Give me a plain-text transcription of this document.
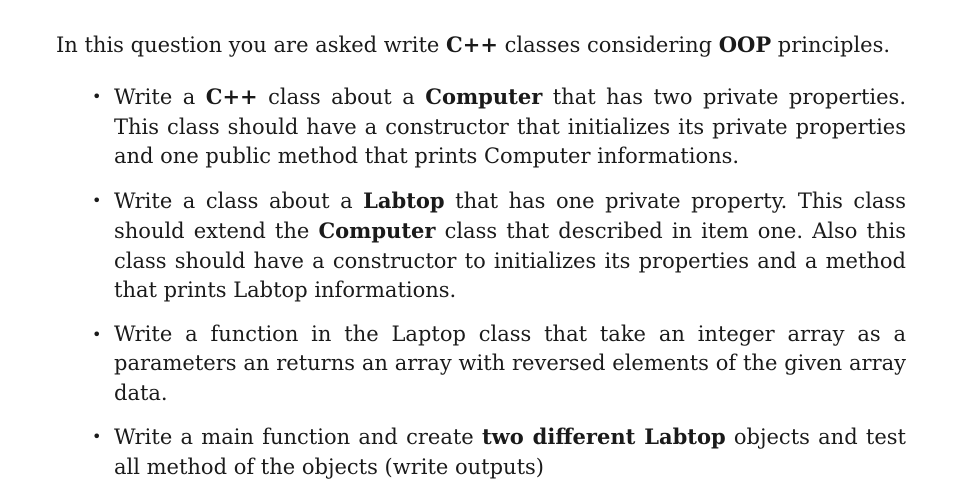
In this question you are asked write C++ classes considering OOP principles.

• Write a C++ class about a Computer that has two private properties. This class should have a constructor that initializes its private properties and one public method that prints Computer informations.
• Write a class about a Labtop that has one private property. This class should extend the Computer class that described in item one. Also this class should have a constructor to initializes its properties and a method that prints Labtop informations.
• Write a function in the Laptop class that take an integer array as a parameters an returns an array with reversed elements of the given array data.
• Write a main function and create two different Labtop objects and test all method of the objects (write outputs)
